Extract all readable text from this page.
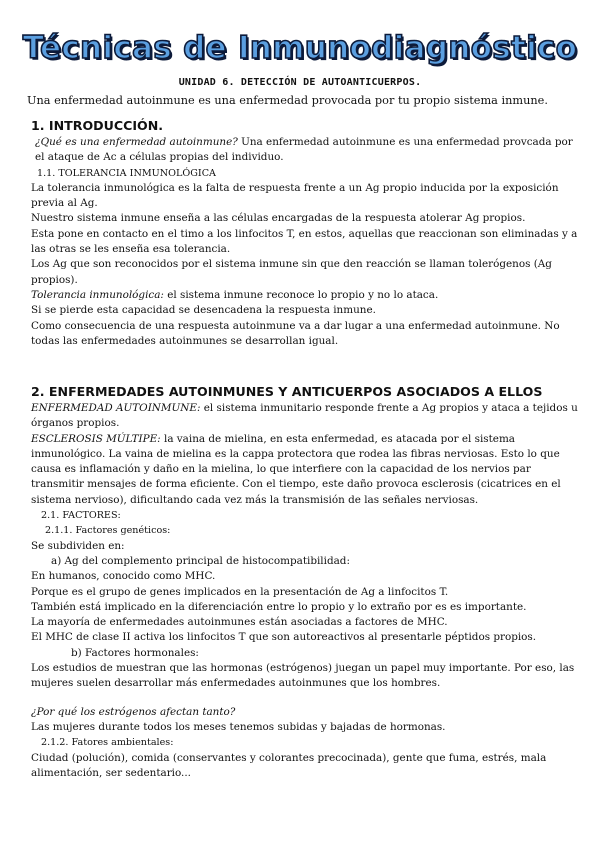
Técnicas de Inmunodiagnóstico
UNIDAD 6. DETECCIÓN DE AUTOANTICUERPOS.
Una enfermedad autoinmune es una enfermedad provocada por tu propio sistema inmune.

1. INTRODUCCIÓN.

¿Qué es una enfermedad autoinmune? Una enfermedad autoinmune es una enfermedad provcada por el ataque de Ac a células propias del individuo.

1.1. TOLERANCIA INMUNOLÓGICA

La tolerancia inmunológica es la falta de respuesta frente a un Ag propio inducida por la exposición previa al Ag.

Nuestro sistema inmune enseña a las células encargadas de la respuesta atolerar Ag propios.

Esta pone en contacto en el timo a los linfocitos T, en estos, aquellas que reaccionan son eliminadas y a las otras se les enseña esa tolerancia.

Los Ag que son reconocidos por el sistema inmune sin que den reacción se llaman tolerógenos (Ag propios).

Tolerancia inmunológica: el sistema inmune reconoce lo propio y no lo ataca.

Si se pierde esta capacidad se desencadena la respuesta inmune.

Como consecuencia de una respuesta autoinmune va a dar lugar a una enfermedad autoinmune. No todas las enfermedades autoinmunes se desarrollan igual.

2. ENFERMEDADES AUTOINMUNES Y ANTICUERPOS ASOCIADOS A ELLOS

ENFERMEDAD AUTOINMUNE: el sistema inmunitario responde frente a Ag propios y ataca a tejidos u órganos propios.

ESCLEROSIS MÚLTIPE: la vaina de mielina, en esta enfermedad, es atacada por el sistema inmunológico. La vaina de mielina es la cappa protectora que rodea las fibras nerviosas. Esto lo que causa es inflamación y daño en la mielina, lo que interfiere con la capacidad de los nervios par transmitir mensajes de forma eficiente. Con el tiempo, este daño provoca esclerosis (cicatrices en el sistema nervioso), dificultando cada vez más la transmisión de las señales nerviosas.

2.1. FACTORES:

2.1.1. Factores genéticos:

Se subdividen en:

a) Ag del complemento principal de histocompatibilidad:

En humanos, conocido como MHC.

Porque es el grupo de genes implicados en la presentación de Ag a linfocitos T.

También está implicado en la diferenciación entre lo propio y lo extraño por es es importante.

La mayoría de enfermedades autoinmunes están asociadas a factores de MHC.

El MHC de clase II activa los linfocitos T que son autoreactivos al presentarle péptidos propios.

b) Factores hormonales:

Los estudios de muestran que las hormonas (estrógenos) juegan un papel muy importante. Por eso, las mujeres suelen desarrollar más enfermedades autoinmunes que los hombres.

¿Por qué los estrógenos afectan tanto?

Las mujeres durante todos los meses tenemos subidas y bajadas de hormonas.

2.1.2. Fatores ambientales:

Ciudad (polución), comida (conservantes y colorantes precocinada), gente que fuma, estrés, mala alimentación, ser sedentario...
